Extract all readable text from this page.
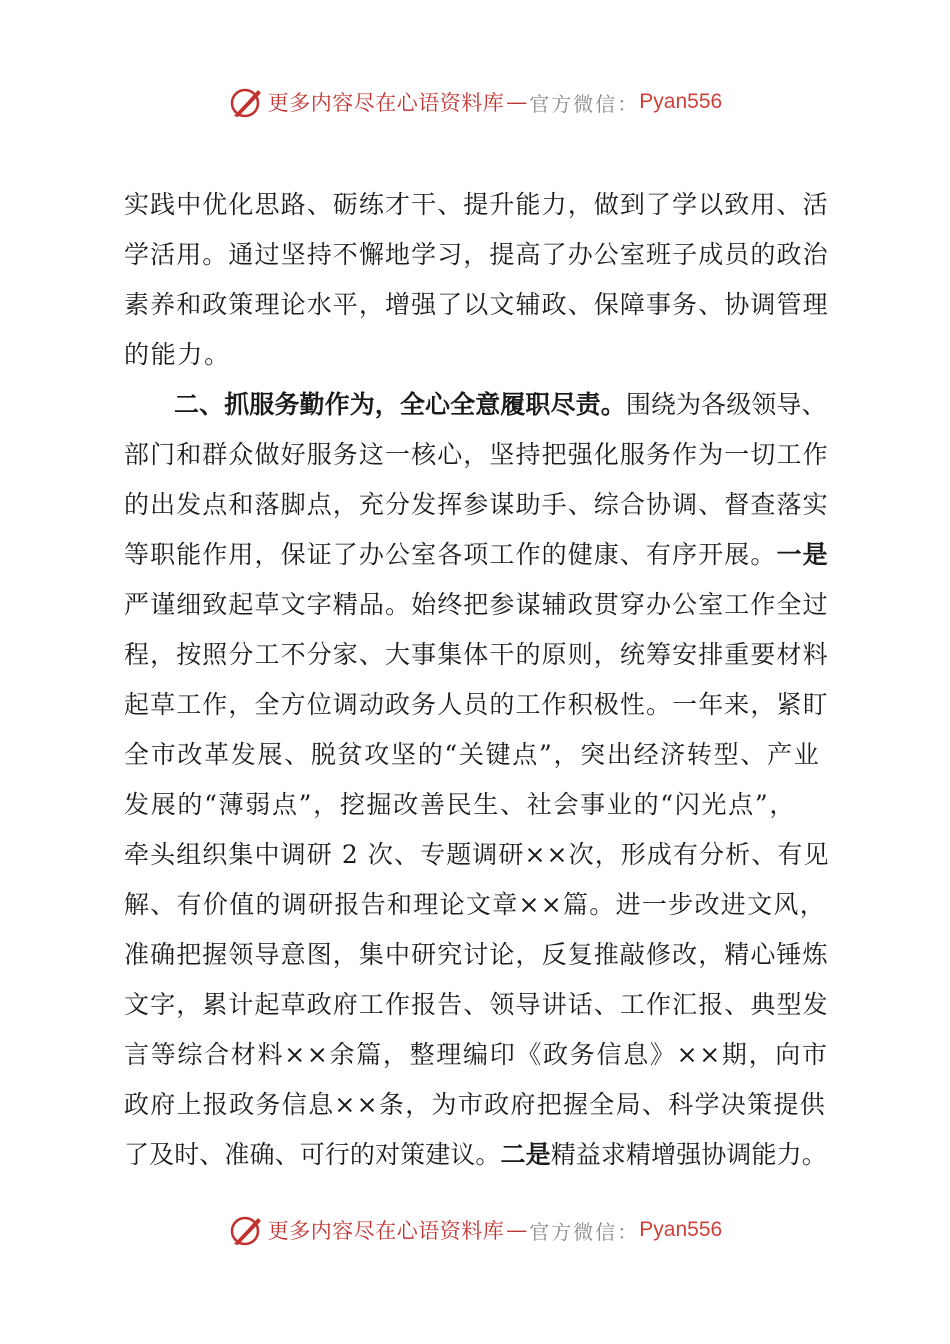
更多内容尽在心语资料库 — 官方微信： Pyan556
实践中优化思路、砺练才干、提升能力，做到了学以致用、活
学活用。通过坚持不懈地学习，提高了办公室班子成员的政治
素养和政策理论水平，增强了以文辅政、保障事务、协调管理
的能力。
二、抓服务勤作为，全心全意履职尽责。围绕为各级领导、
部门和群众做好服务这一核心，坚持把强化服务作为一切工作
的出发点和落脚点，充分发挥参谋助手、综合协调、督查落实
等职能作用，保证了办公室各项工作的健康、有序开展。一是
严谨细致起草文字精品。始终把参谋辅政贯穿办公室工作全过
程，按照分工不分家、大事集体干的原则，统筹安排重要材料
起草工作，全方位调动政务人员的工作积极性。一年来，紧盯
全市改革发展、脱贫攻坚的“关键点”，突出经济转型、产业
发展的“薄弱点”，挖掘改善民生、社会事业的“闪光点”，
牵头组织集中调研 2 次、专题调研××次，形成有分析、有见
解、有价值的调研报告和理论文章××篇。进一步改进文风，
准确把握领导意图，集中研究讨论，反复推敲修改，精心锤炼
文字，累计起草政府工作报告、领导讲话、工作汇报、典型发
言等综合材料××余篇，整理编印《政务信息》××期，向市
政府上报政务信息××条，为市政府把握全局、科学决策提供
了及时、准确、可行的对策建议。二是精益求精增强协调能力。
更多内容尽在心语资料库 — 官方微信： Pyan556
